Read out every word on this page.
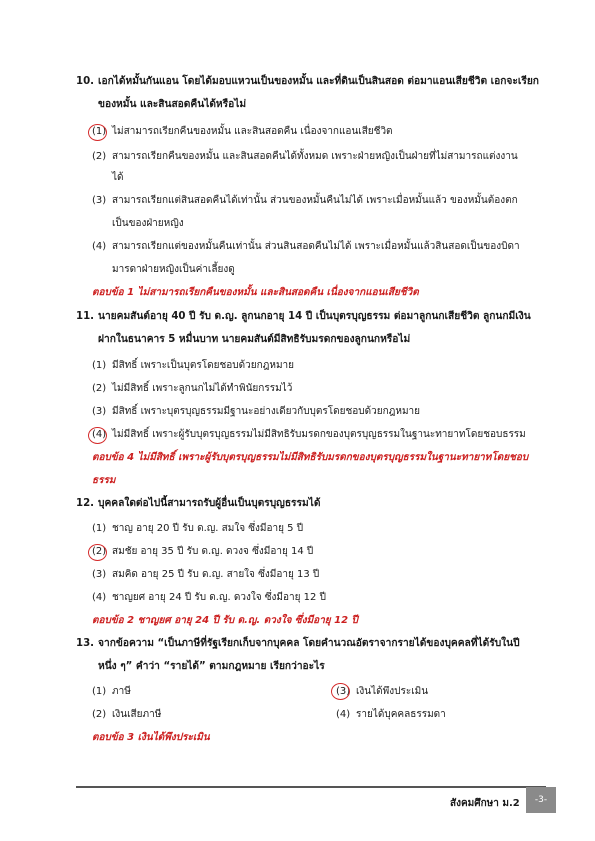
10. เอกได้หมั้นกันแอน โดยได้มอบแหวนเป็นของหมั้น และที่ดินเป็นสินสอด ต่อมาแอนเสียชีวิต เอกจะเรียก
ของหมั้น และสินสอดคืนได้หรือไม่
(1) ไม่สามารถเรียกคืนของหมั้น และสินสอดคืน เนื่องจากแอนเสียชีวิต
(2) สามารถเรียกคืนของหมั้น และสินสอดคืนได้ทั้งหมด เพราะฝ่ายหญิงเป็นฝ่ายที่ไม่สามารถแต่งงาน
ได้
(3) สามารถเรียกแต่สินสอดคืนได้เท่านั้น ส่วนของหมั้นคืนไม่ได้ เพราะเมื่อหมั้นแล้ว ของหมั้นต้องตก
เป็นของฝ่ายหญิง
(4) สามารถเรียกแต่ของหมั้นคืนเท่านั้น ส่วนสินสอดคืนไม่ได้ เพราะเมื่อหมั้นแล้วสินสอดเป็นของบิดา
มารดาฝ่ายหญิงเป็นค่าเลี้ยงดู
ตอบข้อ 1 ไม่สามารถเรียกคืนของหมั้น และสินสอดคืน เนื่องจากแอนเสียชีวิต
11. นายคมสันต์อายุ 40 ปี รับ ด.ญ. ลูกนกอายุ 14 ปี เป็นบุตรบุญธรรม ต่อมาลูกนกเสียชีวิต ลูกนกมีเงิน
ฝากในธนาคาร 5 หมื่นบาท นายคมสันต์มีสิทธิรับมรดกของลูกนกหรือไม่
(1) มีสิทธิ์ เพราะเป็นบุตรโดยชอบด้วยกฎหมาย
(2) ไม่มีสิทธิ์ เพราะลูกนกไม่ได้ทำพินัยกรรมไว้
(3) มีสิทธิ์ เพราะบุตรบุญธรรมมีฐานะอย่างเดียวกับบุตรโดยชอบด้วยกฎหมาย
(4) ไม่มีสิทธิ์ เพราะผู้รับบุตรบุญธรรมไม่มีสิทธิรับมรดกของบุตรบุญธรรมในฐานะทายาทโดยชอบธรรม
ตอบข้อ 4 ไม่มีสิทธิ์ เพราะผู้รับบุตรบุญธรรมไม่มีสิทธิรับมรดกของบุตรบุญธรรมในฐานะทายาทโดยชอบ
ธรรม
12. บุคคลใดต่อไปนี้สามารถรับผู้อื่นเป็นบุตรบุญธรรมได้
(1) ชาญ อายุ 20 ปี รับ ด.ญ. สมใจ ซึ่งมีอายุ 5 ปี
(2) สมชัย อายุ 35 ปี รับ ด.ญ. ดวงจ ซึ่งมีอายุ 14 ปี
(3) สมคิด อายุ 25 ปี รับ ด.ญ. สายใจ ซึ่งมีอายุ 13 ปี
(4) ชาญยศ อายุ 24 ปี รับ ด.ญ. ดวงใจ ซึ่งมีอายุ 12 ปี
ตอบข้อ 2 ชาญยศ อายุ 24 ปี รับ ด.ญ. ดวงใจ ซึ่งมีอายุ 12 ปี
13. จากข้อความ “เป็นภาษีที่รัฐเรียกเก็บจากบุคคล โดยคำนวณอัตราจากรายได้ของบุคคลที่ได้รับในปี
หนึ่ง ๆ” คำว่า “รายได้” ตามกฎหมาย เรียกว่าอะไร
(1) ภาษี	(3) เงินได้พึงประเมิน
(2) เงินเสียภาษี	(4) รายได้บุคคลธรรมดา
ตอบข้อ 3 เงินได้พึงประเมิน
สังคมศึกษา ม.2	-3-
